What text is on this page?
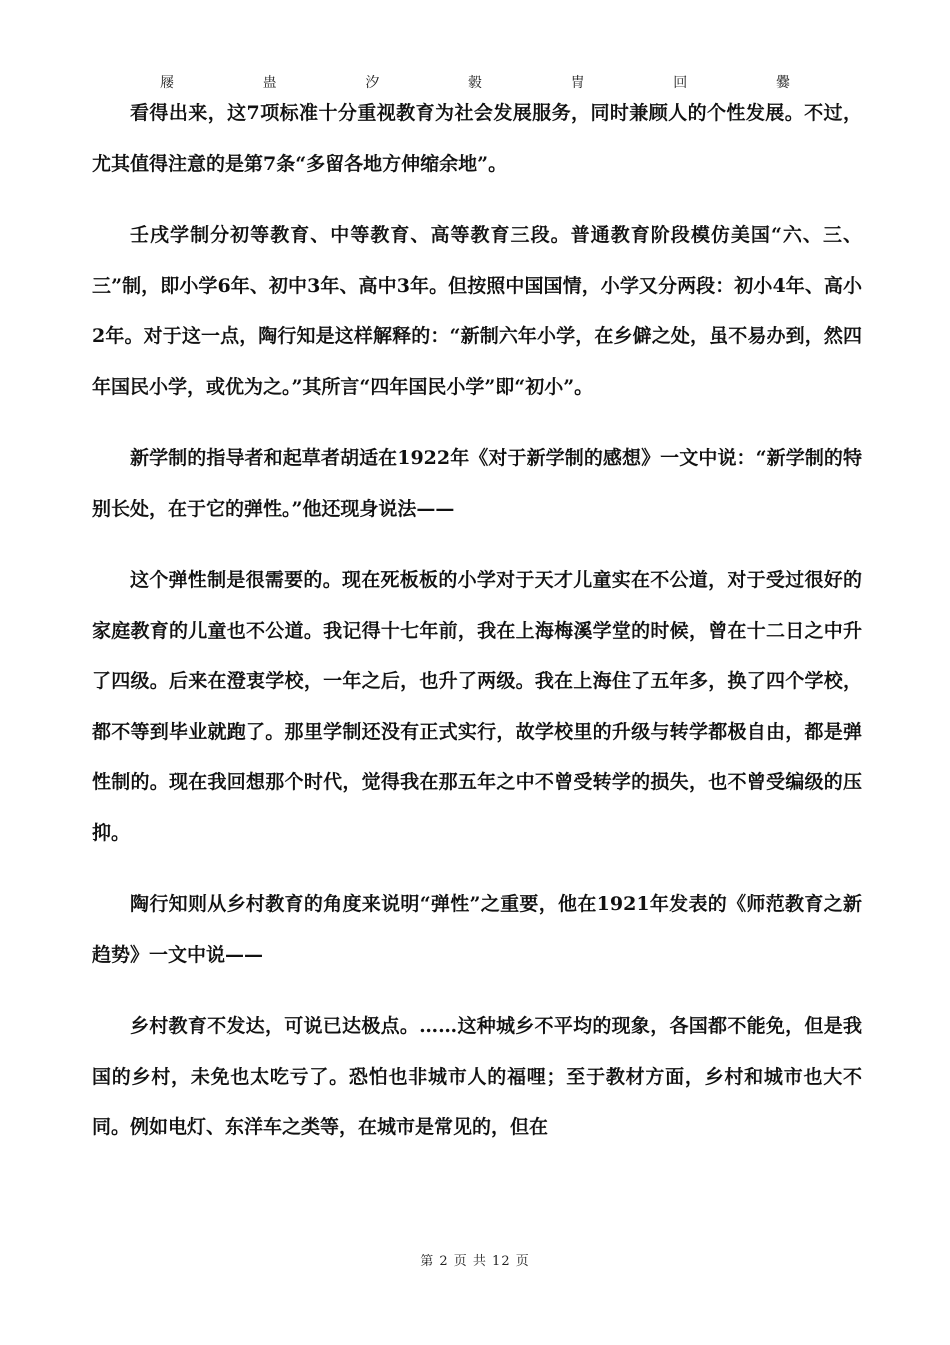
屦	蛊	汐	豰	冑	回	爨

看得出来，这7项标准十分重视教育为社会发展服务，同时兼顾人的个性发展。不过，尤其值得注意的是第7条“多留各地方伸缩余地”。

壬戌学制分初等教育、中等教育、高等教育三段。普通教育阶段模仿美国“六、三、三”制，即小学6年、初中3年、高中3年。但按照中国国情，小学又分两段：初小4年、高小2年。对于这一点，陶行知是这样解释的：“新制六年小学，在乡僻之处，虽不易办到，然四年国民小学，或优为之。”其所言“四年国民小学”即“初小”。

新学制的指导者和起草者胡适在1922年《对于新学制的感想》一文中说：“新学制的特别长处，在于它的弹性。”他还现身说法——

这个弹性制是很需要的。现在死板板的小学对于天才儿童实在不公道，对于受过很好的家庭教育的儿童也不公道。我记得十七年前，我在上海梅溪学堂的时候，曾在十二日之中升了四级。后来在澄衷学校，一年之后，也升了两级。我在上海住了五年多，换了四个学校，都不等到毕业就跑了。那里学制还没有正式实行，故学校里的升级与转学都极自由，都是弹性制的。现在我回想那个时代，觉得我在那五年之中不曾受转学的损失，也不曾受编级的压抑。

陶行知则从乡村教育的角度来说明“弹性”之重要，他在1921年发表的《师范教育之新趋势》一文中说——

乡村教育不发达，可说已达极点。……这种城乡不平均的现象，各国都不能免，但是我国的乡村，未免也太吃亏了。恐怕也非城市人的福哩；至于教材方面，乡村和城市也大不同。例如电灯、东洋车之类等，在城市是常见的，但在

第 2 页 共 12 页
